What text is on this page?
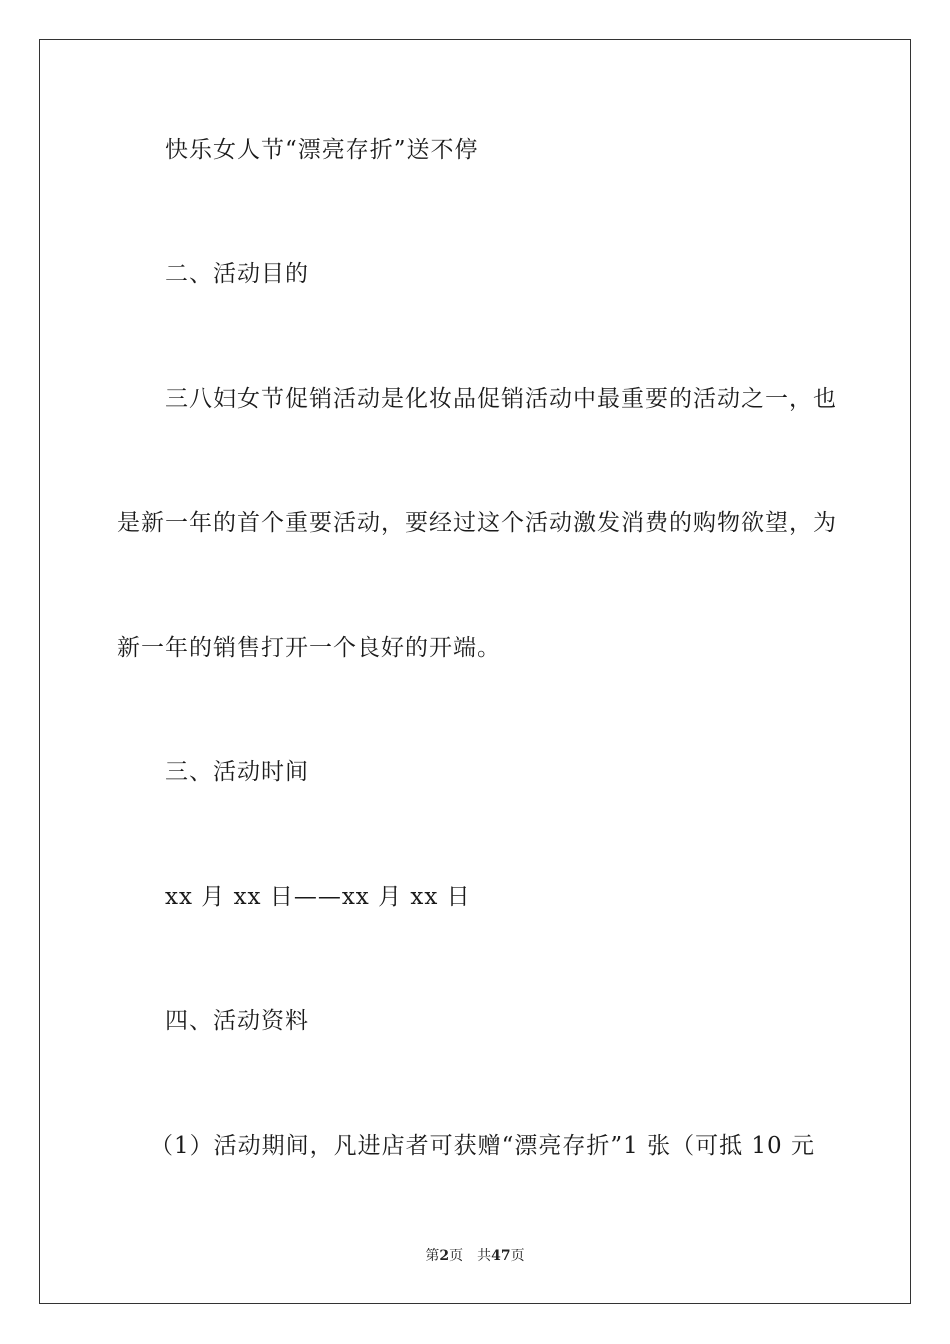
快乐女人节“漂亮存折”送不停
二、活动目的
三八妇女节促销活动是化妆品促销活动中最重要的活动之一，也
是新一年的首个重要活动，要经过这个活动激发消费的购物欲望，为
新一年的销售打开一个良好的开端。
三、活动时间
xx 月 xx 日——xx 月 xx 日
四、活动资料
（1）活动期间，凡进店者可获赠“漂亮存折”1 张（可抵 10 元
第2页 共47页
